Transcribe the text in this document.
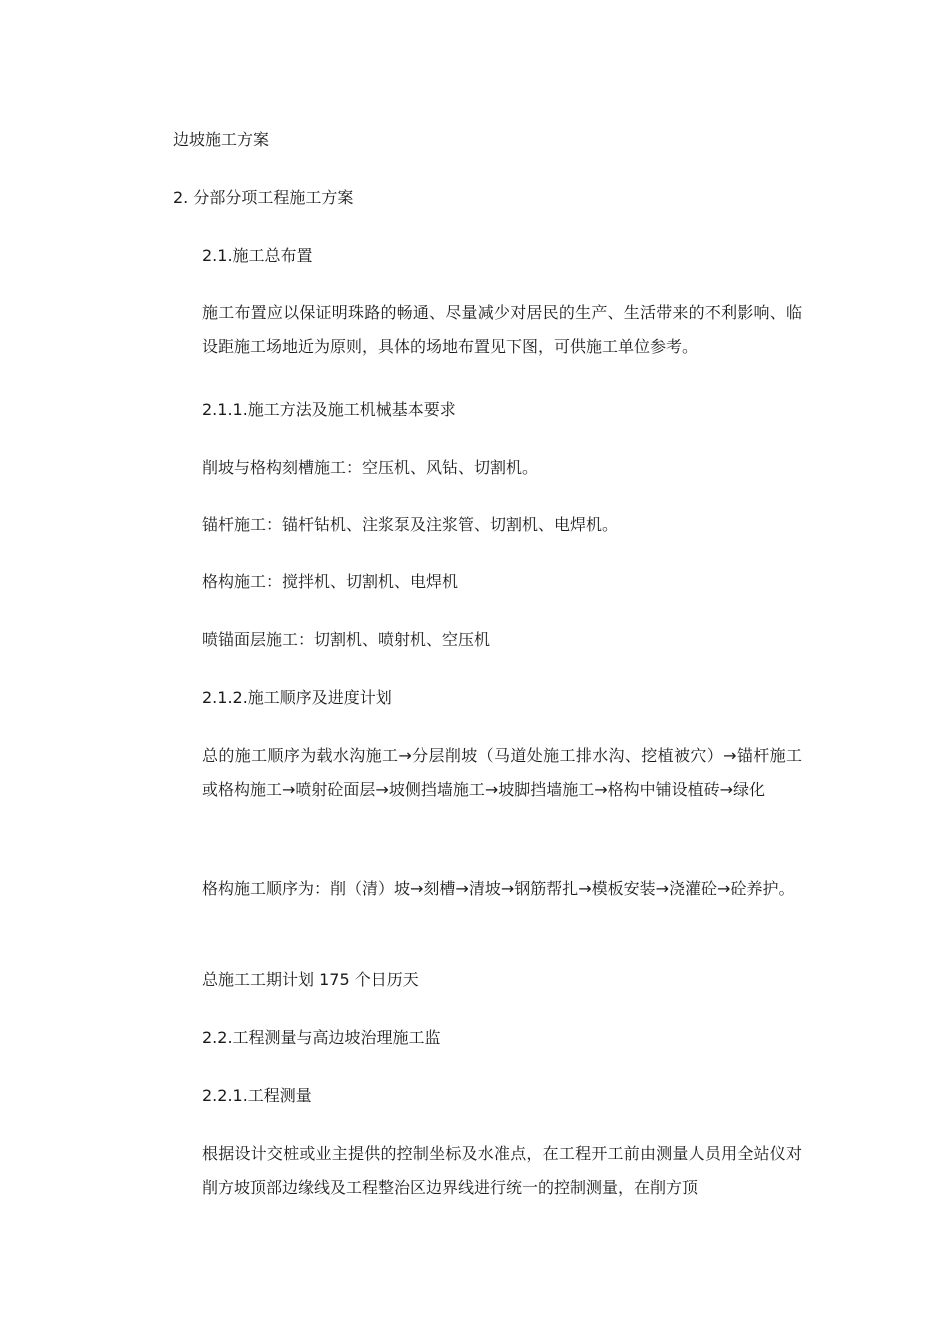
边坡施工方案
2. 分部分项工程施工方案
2.1.施工总布置
施工布置应以保证明珠路的畅通、尽量减少对居民的生产、生活带来的不利影响、临设距施工场地近为原则，具体的场地布置见下图，可供施工单位参考。
2.1.1.施工方法及施工机械基本要求
削坡与格构刻槽施工：空压机、风钻、切割机。
锚杆施工：锚杆钻机、注浆泵及注浆管、切割机、电焊机。
格构施工：搅拌机、切割机、电焊机
喷锚面层施工：切割机、喷射机、空压机
2.1.2.施工顺序及进度计划
总的施工顺序为载水沟施工→分层削坡（马道处施工排水沟、挖植被穴）→锚杆施工或格构施工→喷射砼面层→坡侧挡墙施工→坡脚挡墙施工→格构中铺设植砖→绿化
格构施工顺序为：削（清）坡→刻槽→清坡→钢筋帮扎→模板安装→浇灌砼→砼养护。
总施工工期计划 175 个日历天
2.2.工程测量与高边坡治理施工监
2.2.1.工程测量
根据设计交桩或业主提供的控制坐标及水准点，在工程开工前由测量人员用全站仪对削方坡顶部边缘线及工程整治区边界线进行统一的控制测量，在削方顶
